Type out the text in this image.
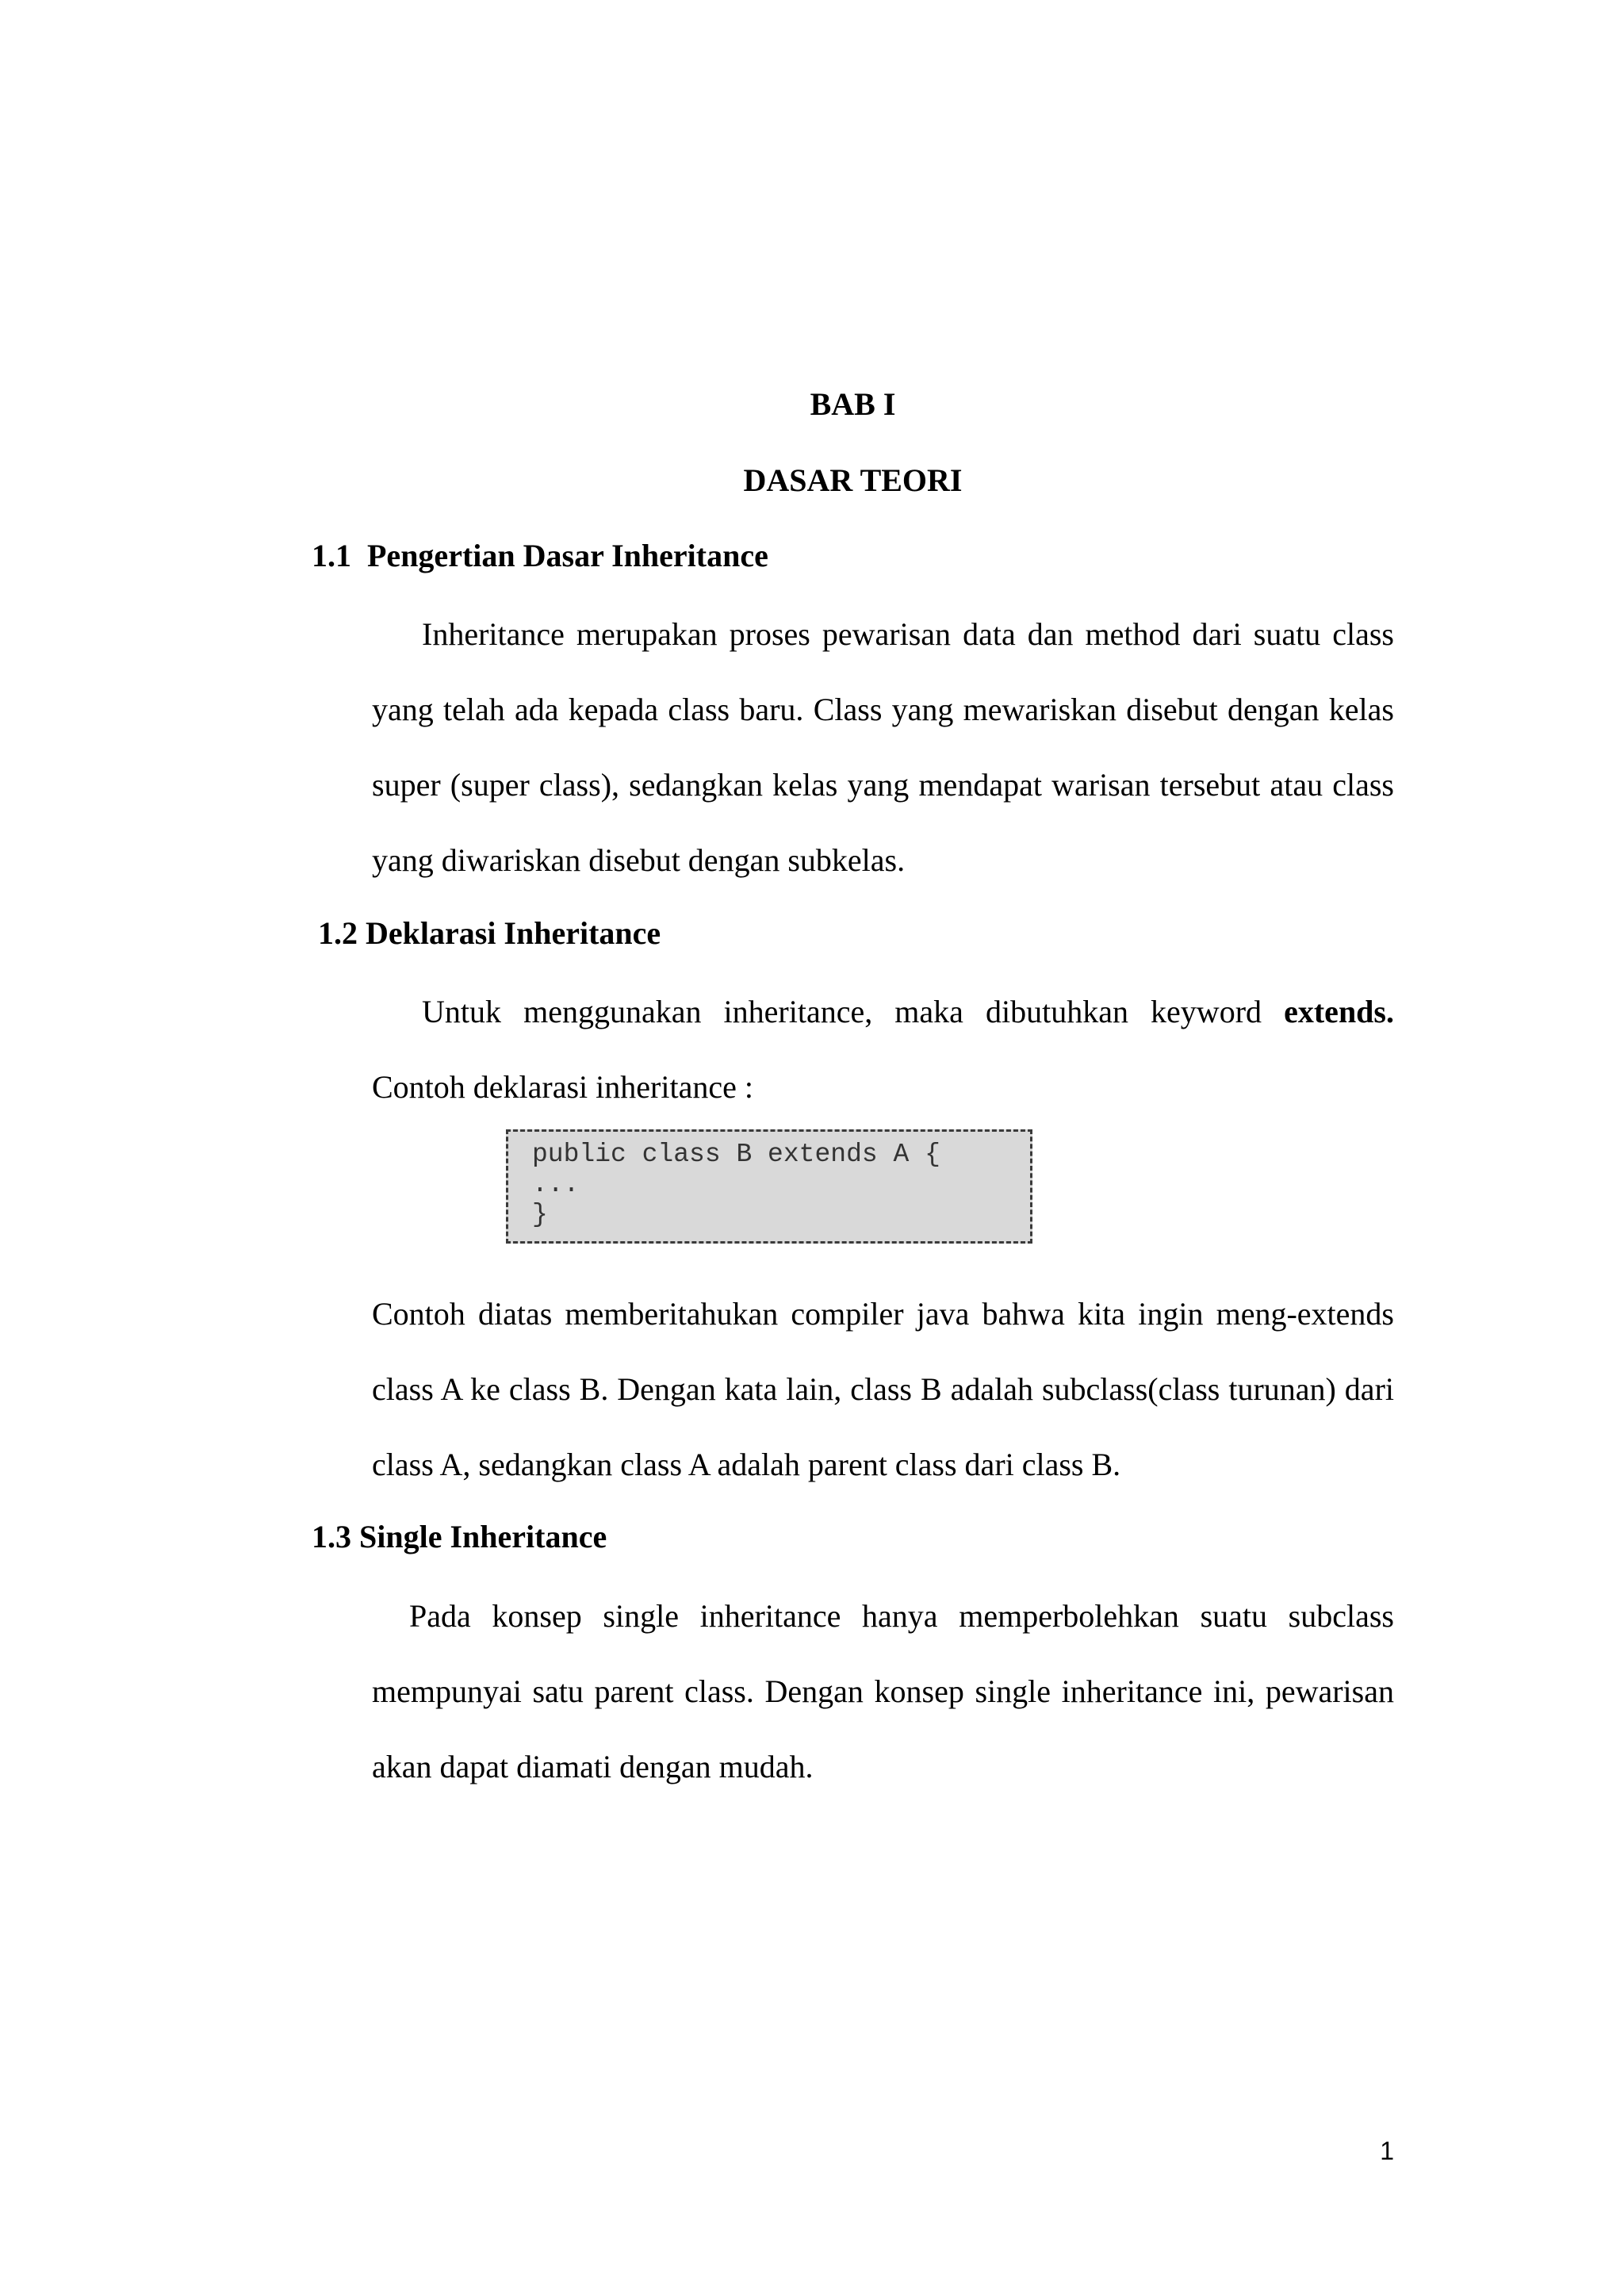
BAB I
DASAR TEORI
1.1 Pengertian Dasar Inheritance

Inheritance merupakan proses pewarisan data dan method dari suatu class yang telah ada kepada class baru. Class yang mewariskan disebut dengan kelas super (super class), sedangkan kelas yang mendapat warisan tersebut atau class yang diwariskan disebut dengan subkelas.

1.2 Deklarasi Inheritance

Untuk menggunakan inheritance, maka dibutuhkan keyword extends. Contoh deklarasi inheritance :

public class B extends A {
...
}

Contoh diatas memberitahukan compiler java bahwa kita ingin meng-extends class A ke class B. Dengan kata lain, class B adalah subclass(class turunan) dari class A, sedangkan class A adalah parent class dari class B.

1.3 Single Inheritance

Pada konsep single inheritance hanya memperbolehkan suatu subclass mempunyai satu parent class. Dengan konsep single inheritance ini, pewarisan akan dapat diamati dengan mudah.

1
